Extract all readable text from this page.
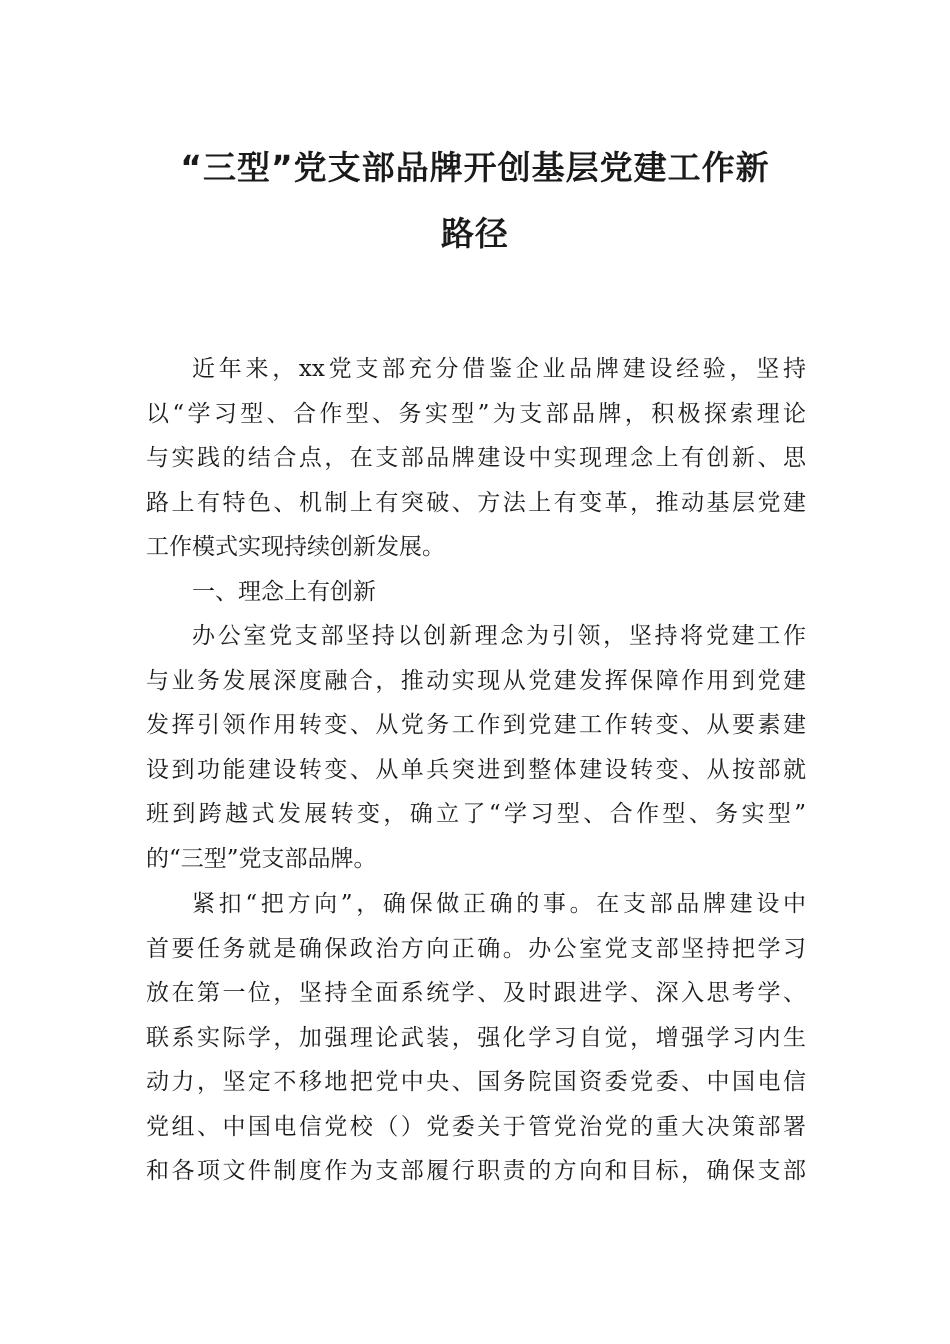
“三型”党支部品牌开创基层党建工作新
路径
近年来，xx党支部充分借鉴企业品牌建设经验，坚持
以“学习型、合作型、务实型”为支部品牌，积极探索理论
与实践的结合点，在支部品牌建设中实现理念上有创新、思
路上有特色、机制上有突破、方法上有变革，推动基层党建
工作模式实现持续创新发展。
一、理念上有创新
办公室党支部坚持以创新理念为引领，坚持将党建工作
与业务发展深度融合，推动实现从党建发挥保障作用到党建
发挥引领作用转变、从党务工作到党建工作转变、从要素建
设到功能建设转变、从单兵突进到整体建设转变、从按部就
班到跨越式发展转变，确立了“学习型、合作型、务实型”
的“三型”党支部品牌。
紧扣“把方向”，确保做正确的事。在支部品牌建设中
首要任务就是确保政治方向正确。办公室党支部坚持把学习
放在第一位，坚持全面系统学、及时跟进学、深入思考学、
联系实际学，加强理论武装，强化学习自觉，增强学习内生
动力，坚定不移地把党中央、国务院国资委党委、中国电信
党组、中国电信党校（）党委关于管党治党的重大决策部署
和各项文件制度作为支部履行职责的方向和目标，确保支部
